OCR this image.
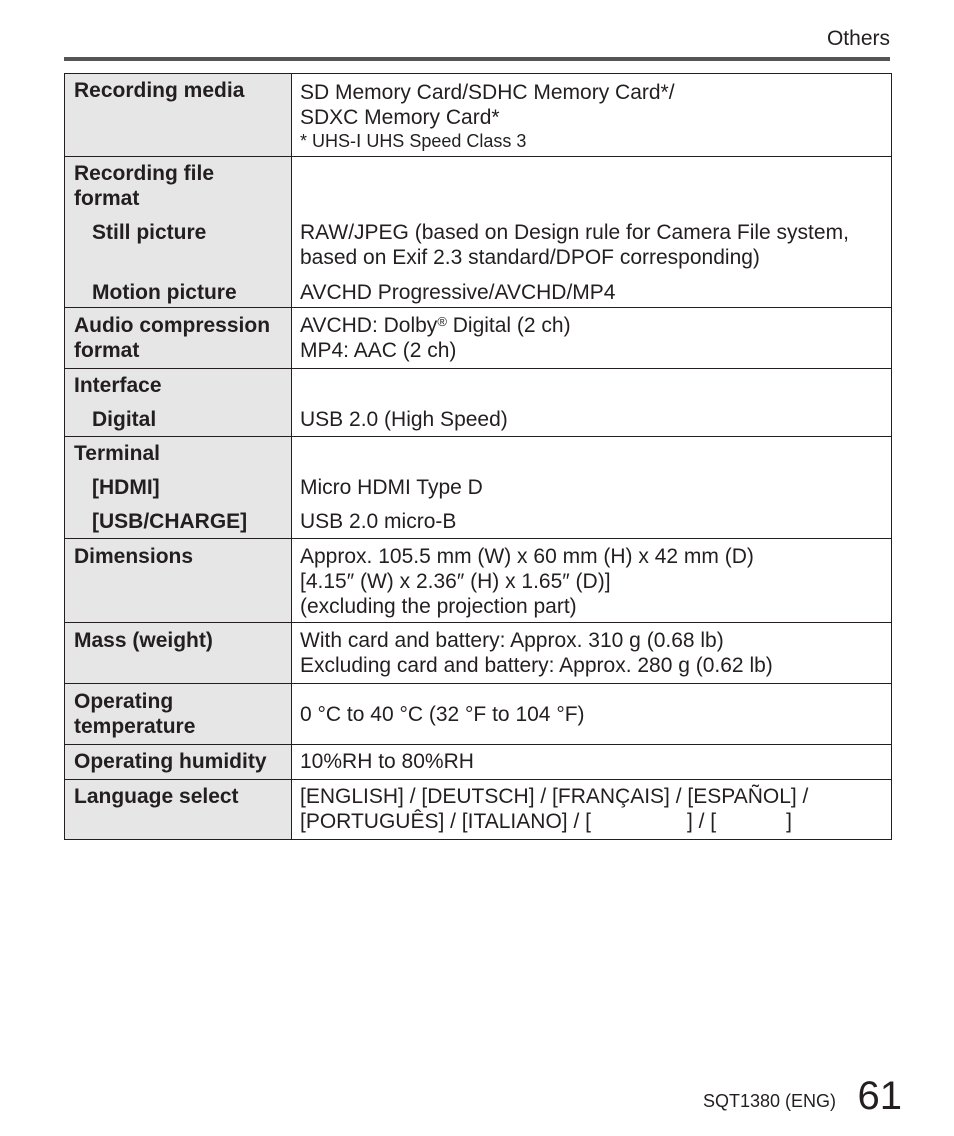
Others
Recording media	SD Memory Card/SDHC Memory Card*/
SDXC Memory Card*
* UHS-Ⅰ UHS Speed Class 3

Recording file format	
Still picture	RAW/JPEG (based on Design rule for Camera File system, based on Exif 2.3 standard/DPOF corresponding)
Motion picture	AVCHD Progressive/AVCHD/MP4
Audio compression format	AVCHD: Dolby® Digital (2 ch)
MP4: AAC (2 ch)

Interface	
Digital	USB 2.0 (High Speed)
Terminal	
[HDMI]	Micro HDMI Type D
[USB/CHARGE]	USB 2.0 micro-B
Dimensions	Approx. 105.5 mm (W) x 60 mm (H) x 42 mm (D)
[4.15″ (W) x 2.36″ (H) x 1.65″ (D)]
(excluding the projection part)

Mass (weight)	With card and battery: Approx. 310 g (0.68 lb)
Excluding card and battery: Approx. 280 g (0.62 lb)

Operating temperature	0 °C to 40 °C (32 °F to 104 °F)
Operating humidity	10%RH to 80%RH
Language select	[ENGLISH] / [DEUTSCH] / [FRANÇAIS] / [ESPAÑOL] /
[PORTUGUÊS] / [ITALIANO] / [ ] / [ ]
SQT1380 (ENG) 61
